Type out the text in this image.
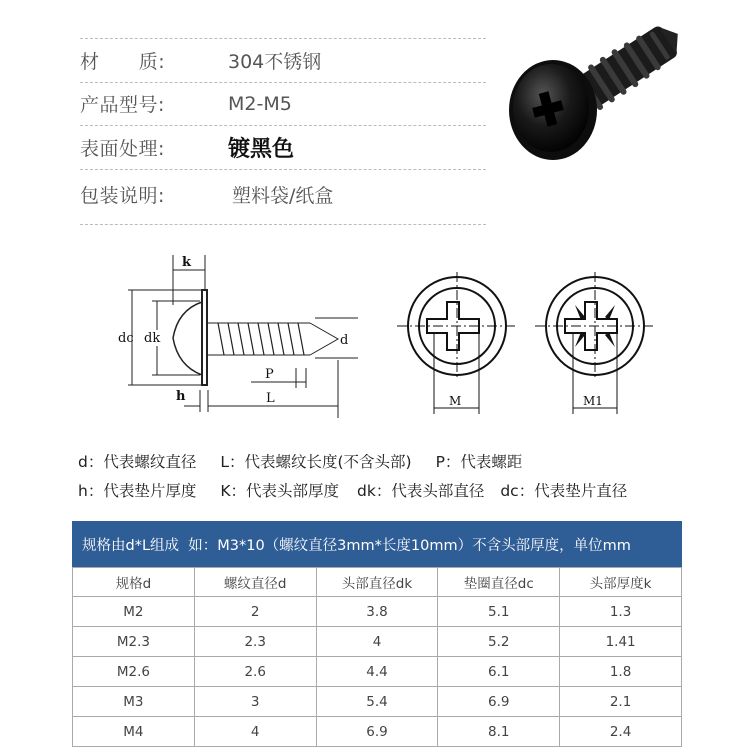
材      质:	304不锈钢
产品型号:	M2-M5
表面处理:	镀黑色
包装说明:	塑料袋/纸盒
k
dc dk	d
P
h	L	M	M1
d：代表螺纹直径 L：代表螺纹长度(不含头部) P：代表螺距
h：代表垫片厚度 K：代表头部厚度 dk：代表头部直径 dc：代表垫片直径
规格由d*L组成  如：M3*10（螺纹直径3mm*长度10mm）不含头部厚度，单位mm
规格d	螺纹直径d	头部直径dk	垫圈直径dc	头部厚度k
M2	2	3.8	5.1	1.3
M2.3	2.3	4	5.2	1.41
M2.6	2.6	4.4	6.1	1.8
M3	3	5.4	6.9	2.1
M4	4	6.9	8.1	2.4
